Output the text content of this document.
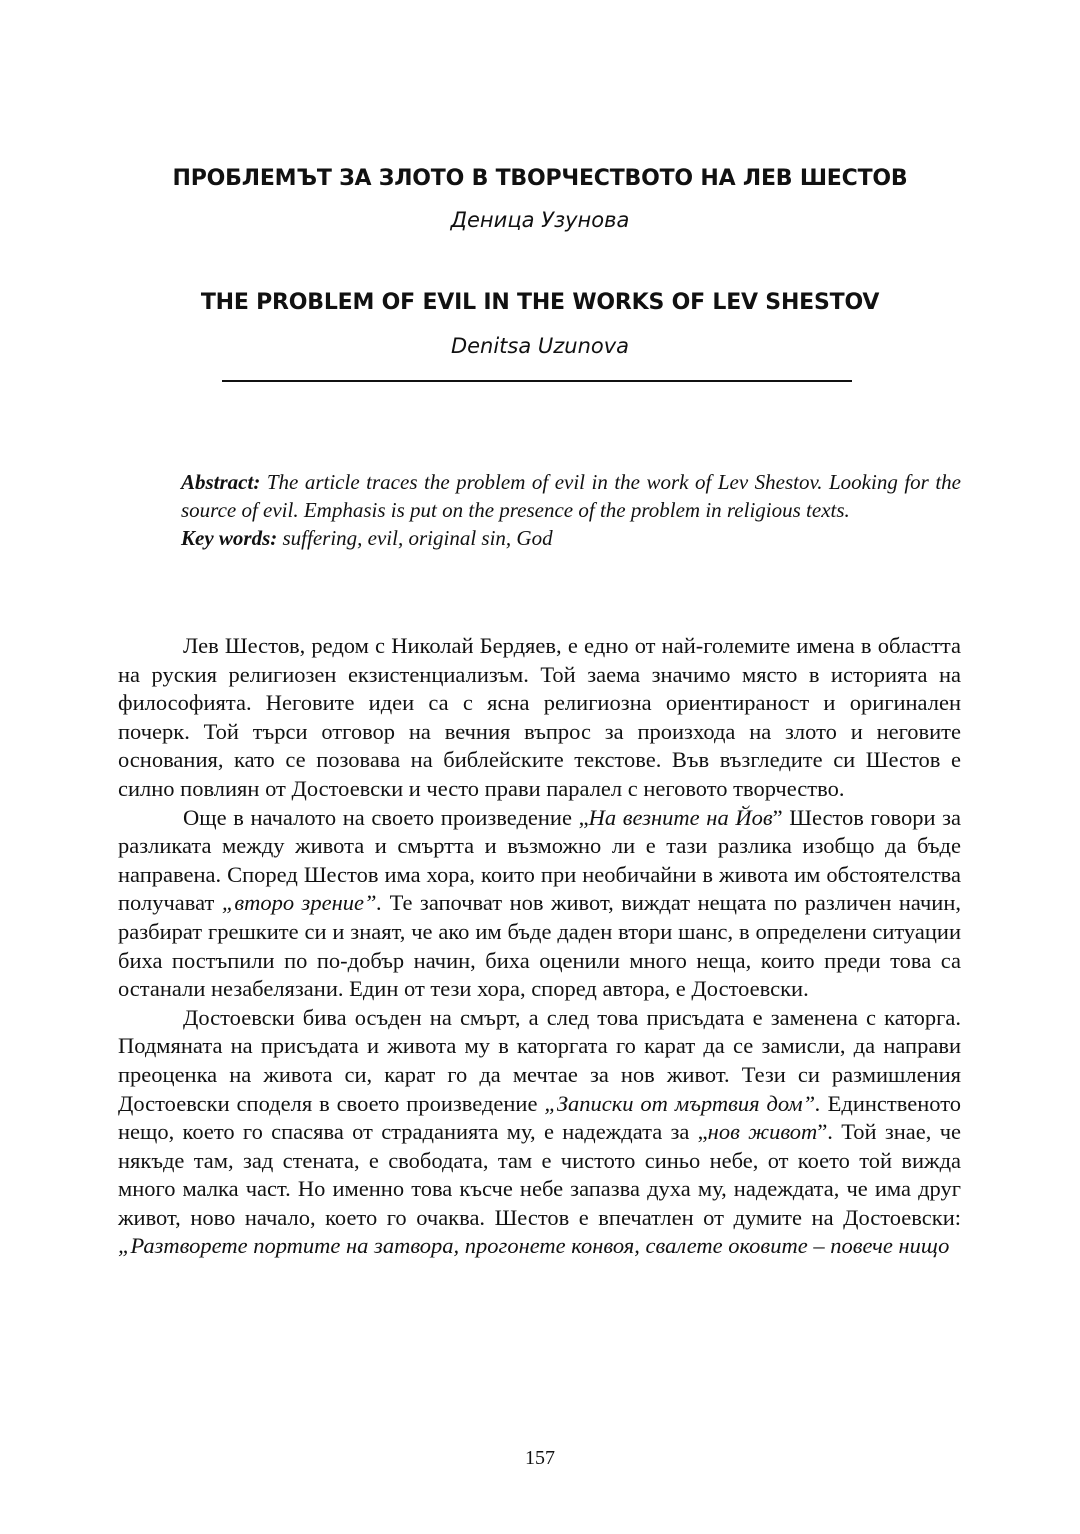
ПРОБЛЕМЪТ ЗА ЗЛОТО В ТВОРЧЕСТВОТО НА ЛЕВ ШЕСТОВ
Деница Узунова
THE PROBLEM OF EVIL IN THE WORKS OF LEV SHESTOV
Denitsa Uzunova

Abstract: The article traces the problem of evil in the work of Lev Shestov. Looking for the source of evil. Emphasis is put on the presence of the problem in religious texts.

Key words: suffering, evil, original sin, God

Лев Шестов, редом с Николай Бердяев, е едно от най-големите имена в областта на руския религиозен екзистенциализъм. Той заема значимо място в историята на философията. Неговите идеи са с ясна религиозна ориентираност и оригинален почерк. Той търси отговор на вечния въпрос за произхода на злото и неговите основания, като се позовава на библейските текстове. Във възгледите си Шестов е силно повлиян от Достоевски и често прави паралел с неговото творчество.

Още в началото на своето произведение „На везните на Йов” Шестов говори за разликата между живота и смъртта и възможно ли е тази разлика изобщо да бъде направена. Според Шестов има хора, които при необичайни в живота им обстоятелства получават „второ зрение”. Те започват нов живот, виждат нещата по различен начин, разбират грешките си и знаят, че ако им бъде даден втори шанс, в определени ситуации биха постъпили по по-добър начин, биха оценили много неща, които преди това са останали незабелязани. Един от тези хора, според автора, е Достоевски.

Достоевски бива осъден на смърт, а след това присъдата е заменена с каторга. Подмяната на присъдата и живота му в каторгата го карат да се замисли, да направи преоценка на живота си, карат го да мечтае за нов живот. Тези си размишления Достоевски споделя в своето произведение „Записки от мъртвия дом”. Единственото нещо, което го спасява от страданията му, е надеждата за „нов живот”. Той знае, че някъде там, зад стената, е свободата, там е чистото синьо небе, от което той вижда много малка част. Но именно това късче небе запазва духа му, надеждата, че има друг живот, ново начало, което го очаква. Шестов е впечатлен от думите на Достоевски: „Разтворете портите на затвора, прогонете конвоя, свалете оковите – повече нищо

157
